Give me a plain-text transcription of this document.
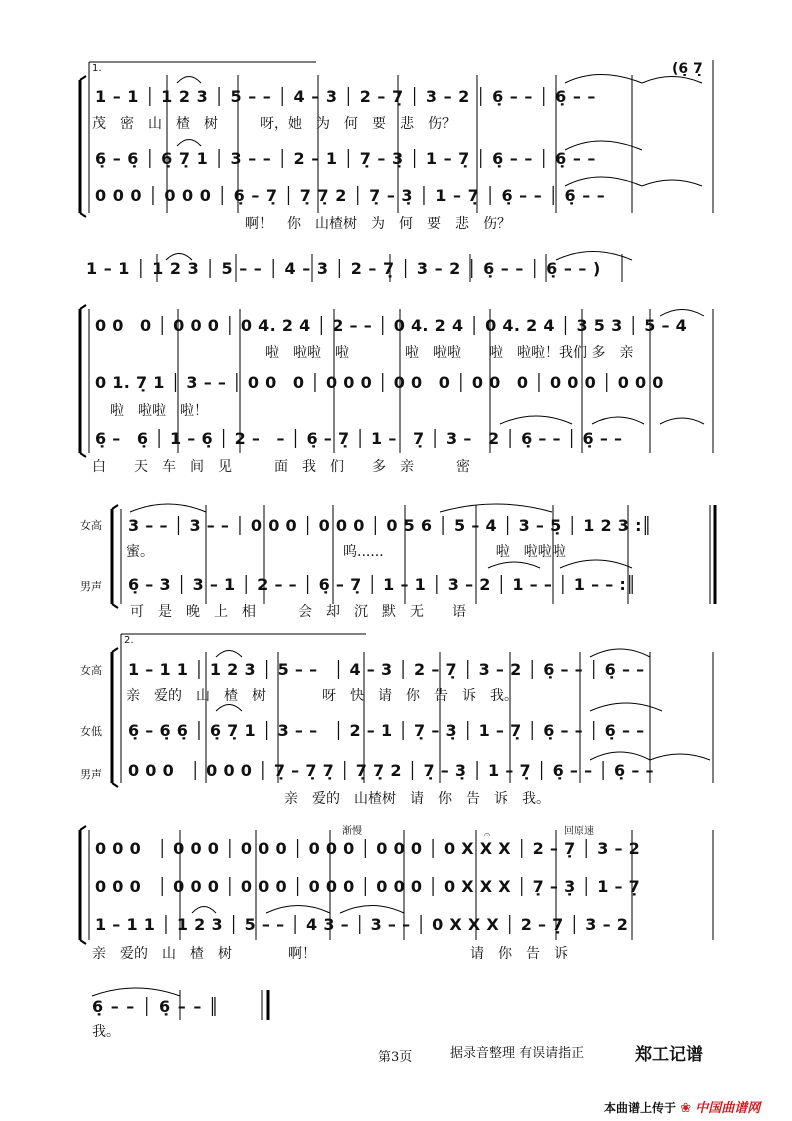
1.	(6̣ 7̣
1 – 1 │ 1 2 3 │ 5 – – │ 4 – 3 │ 2 – 7̣ │ 3 – 2 │ 6̣ – – │ 6̣ – –
茂　密　山　楂　树　　　呀，她　为　何　要　悲　伤？
6̣ – 6̣ │ 6̣ 7̣ 1 │ 3 – – │ 2 – 1 │ 7̣ – 3̣ │ 1 – 7̣ │ 6̣ – – │ 6̣ – –
0 0 0 │ 0 0 0 │ 6̣ – 7̣ │ 7̣ 7̣ 2 │ 7̣ – 3̣ │ 1 – 7̣ │ 6̣ – – │ 6̣ – –
啊！　你　山楂树　为　何　要　悲　伤？
1 – 1 │ 1 2 3 │ 5 – – │ 4 – 3 │ 2 – 7̣ │ 3 – 2 │ 6̣ – – │ 6̣ – – )
0 0　0 │ 0 0 0 │ 0 4. 2 4 │ 2 – – │ 0 4. 2 4 │ 0 4. 2 4 │ 3 5 3 │ 5 – 4
啦　啦啦　啦　　　　啦　啦啦　　啦　啦啦！我们 多　亲
0 1. 7̣ 1 │ 3 – – │ 0 0　0 │ 0 0 0 │ 0 0　0 │ 0 0　0 │ 0 0 0 │ 0 0 0
啦　啦啦　啦！
6̣ –　6̣ │ 1 – 6̣ │ 2 –　– │ 6̣ – 7̣ │ 1 –　7̣ │ 3 –　2 │ 6̣ – – │ 6̣ – –
白　　天　车　间　见　　　面　我　们　　多　亲　　　密
女高
男声
3 – – │ 3 – – │ 0 0 0 │ 0 0 0 │ 0 5 6 │ 5 – 4 │ 3 – 5̣ │ 1 2 3 :║
蜜。　　　　　　　　　　　　　　呜......　　　　　　　　啦　啦啦啦
6̣ – 3 │ 3 – 1 │ 2 – – │ 6̣ – 7̣ │ 1 – 1 │ 3 – 2 │ 1 – – │ 1 – – :║
可　是　晚　上　相　　　会　却　沉　默　无　　语
2.
女高
女低
男声
1 – 1 1 │ 1 2 3 │ 5 – –　│ 4 – 3 │ 2 – 7̣ │ 3 – 2 │ 6̣ – – │ 6̣ – –
亲　爱的　山　楂　树　　　　呀　快　请　你　告　诉　我。
6̣ – 6̣ 6̣ │ 6̣ 7̣ 1 │ 3 – –　│ 2 – 1 │ 7̣ – 3̣ │ 1 – 7̣ │ 6̣ – – │ 6̣ – –
0 0 0　│ 0 0 0 │ 7̣ – 7̣ 7̣ │ 7̣ 7̣ 2 │ 7̣ – 3̣ │ 1 – 7̣ │ 6̣ – – │ 6̣ – –
亲　爱的　山楂树　请　你　告　诉　我。
渐慢	回原速
𝄐
0 0 0　│ 0 0 0 │ 0 0 0 │ 0 0 0 │ 0 0 0 │ 0 X X X │ 2 – 7̣ │ 3 – 2
0 0 0　│ 0 0 0 │ 0 0 0 │ 0 0 0 │ 0 0 0 │ 0 X X X │ 7̣ – 3̣ │ 1 – 7̣
1 – 1 1 │ 1 2 3 │ 5 – – │ 4 3 – │ 3 – – │ 0 X X X │ 2 – 7̣ │ 3 – 2
亲　爱的　山　楂　树　　　　啊！　　　　　　　　　　　请　你　告　诉
6̣ – – │ 6̣ – – ║
我。
第3页	据录音整理 有误请指正	郑工记谱
本曲谱上传于 ❀ 中国曲谱网
